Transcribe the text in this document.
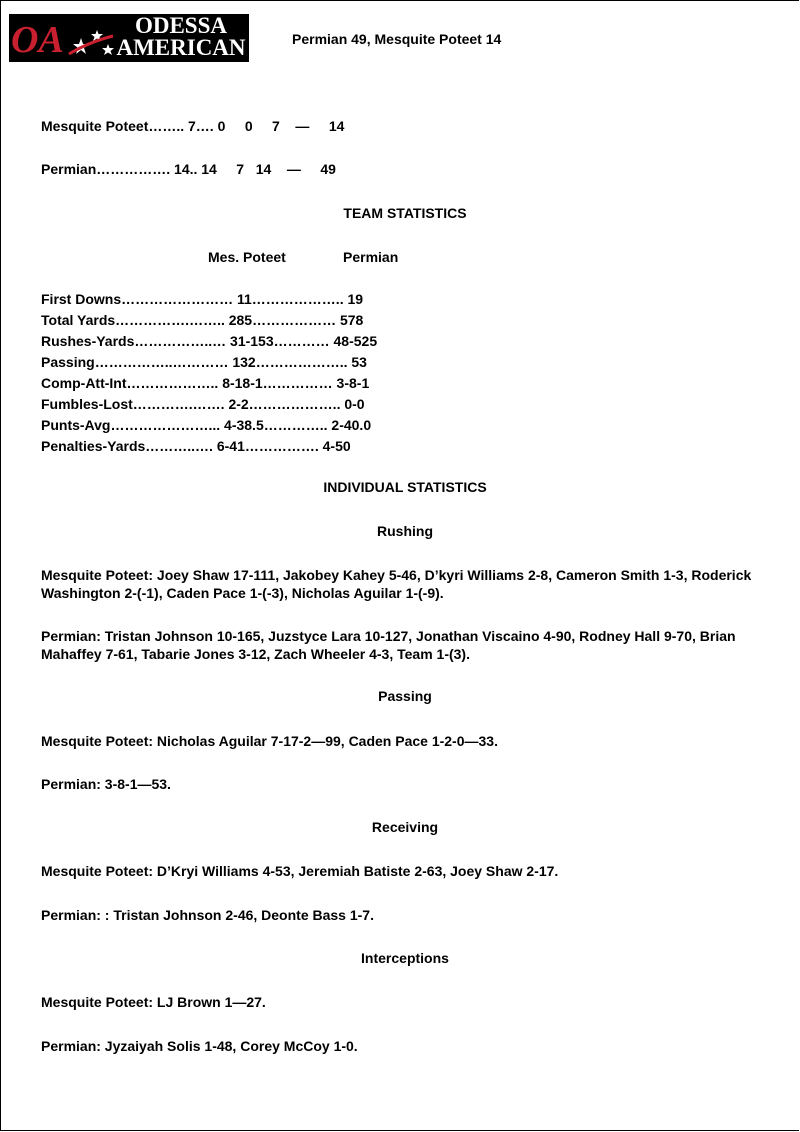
OA	ODESSA
AMERICAN	Permian 49, Mesquite Poteet 14
Mesquite Poteet…….. 7…. 0     0     7    —     14
Permian……………. 14.. 14     7   14    —     49
TEAM STATISTICS
Mes. Poteet	Permian
First Downs…………………… 11……………….. 19
Total Yards…………….…….. 285……………… 578
Rushes-Yards……………..… 31-153………… 48-525
Passing……………..………… 132……………….. 53
Comp-Att-Int……………….. 8-18-1…………… 3-8-1
Fumbles-Lost………….……. 2-2……………….. 0-0
Punts-Avg…………………... 4-38.5………….. 2-40.0
Penalties-Yards………..…. 6-41……………. 4-50
INDIVIDUAL STATISTICS
Rushing
Mesquite Poteet: Joey Shaw 17-111, Jakobey Kahey 5-46, D’kyri Williams 2-8, Cameron Smith 1-3, Roderick Washington 2-(-1), Caden Pace 1-(-3), Nicholas Aguilar 1-(-9).
Permian: Tristan Johnson 10-165, Juzstyce Lara 10-127, Jonathan Viscaino 4-90, Rodney Hall 9-70, Brian Mahaffey 7-61, Tabarie Jones 3-12, Zach Wheeler 4-3, Team 1-(3).
Passing
Mesquite Poteet: Nicholas Aguilar 7-17-2—99, Caden Pace 1-2-0—33.
Permian: 3-8-1—53.
Receiving
Mesquite Poteet: D’Kryi Williams 4-53, Jeremiah Batiste 2-63, Joey Shaw 2-17.
Permian: : Tristan Johnson 2-46, Deonte Bass 1-7.
Interceptions
Mesquite Poteet: LJ Brown 1—27.
Permian: Jyzaiyah Solis 1-48, Corey McCoy 1-0.
